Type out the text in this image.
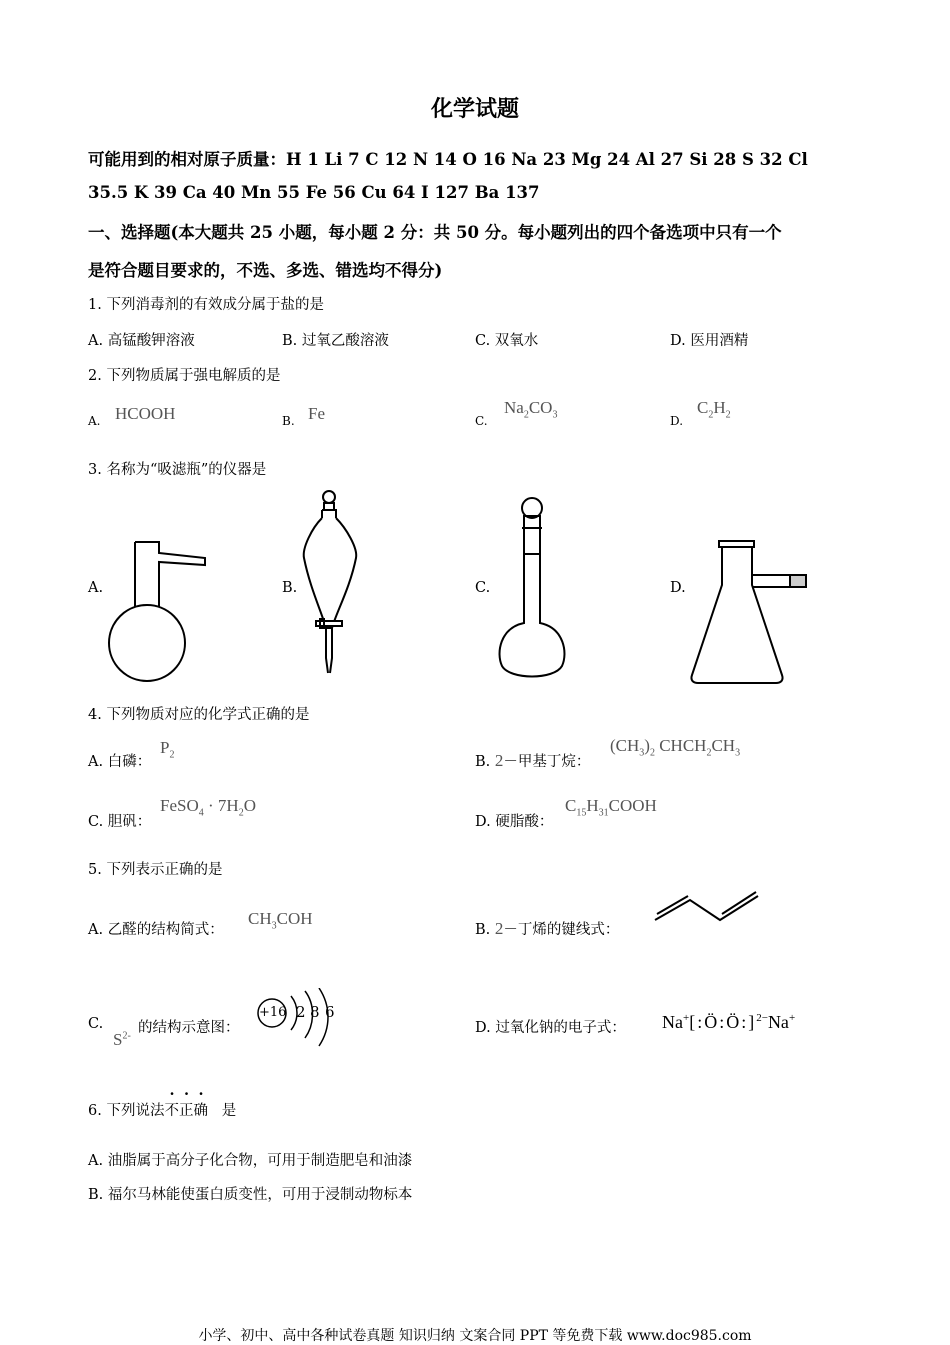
化学试题
可能用到的相对原子质量：H 1 Li 7 C 12 N 14 O 16 Na 23 Mg 24 Al 27 Si 28 S 32 Cl
35.5 K 39 Ca 40 Mn 55 Fe 56 Cu 64 I 127 Ba 137
一、选择题(本大题共 25 小题，每小题 2 分：共 50 分。每小题列出的四个备选项中只有一个
是符合题目要求的，不选、多选、错选均不得分)
1. 下列消毒剂的有效成分属于盐的是
A. 高锰酸钾溶液	B. 过氧乙酸溶液	C. 双氧水	D. 医用酒精
2. 下列物质属于强电解质的是
A. HCOOH	B. Fe	C.
$Na_2CO_3$	D.
$C_2H_2$
3. 名称为“吸滤瓶”的仪器是
A.	B.	C.	D.
4. 下列物质对应的化学式正确的是
A. 白磷：
$P_2$	B. 2－甲基丁烷：
$(CH_3)_2$ $CHCH_2CH_3$
C. 胆矾：
FeSO$_4$ · $7H_2O$
D. 硬脂酸：
$C_{15}H_{31}COOH$
5. 下列表示正确的是
A. 乙醛的结构简式：
$CH_3COH$
B. 2－丁烯的键线式：
C.
$S^{2-}$ 的结构示意图：
+16 2 8 6
D. 过氧化钠的电子式： Na+[:Ö:Ö:]$^{2-}$Na+
6. 下列说法不正确   是
A. 油脂属于高分子化合物，可用于制造肥皂和油漆
B. 福尔马林能使蛋白质变性，可用于浸制动物标本
小学、初中、高中各种试卷真题 知识归纳 文案合同 PPT 等免费下载 www.doc985.com
